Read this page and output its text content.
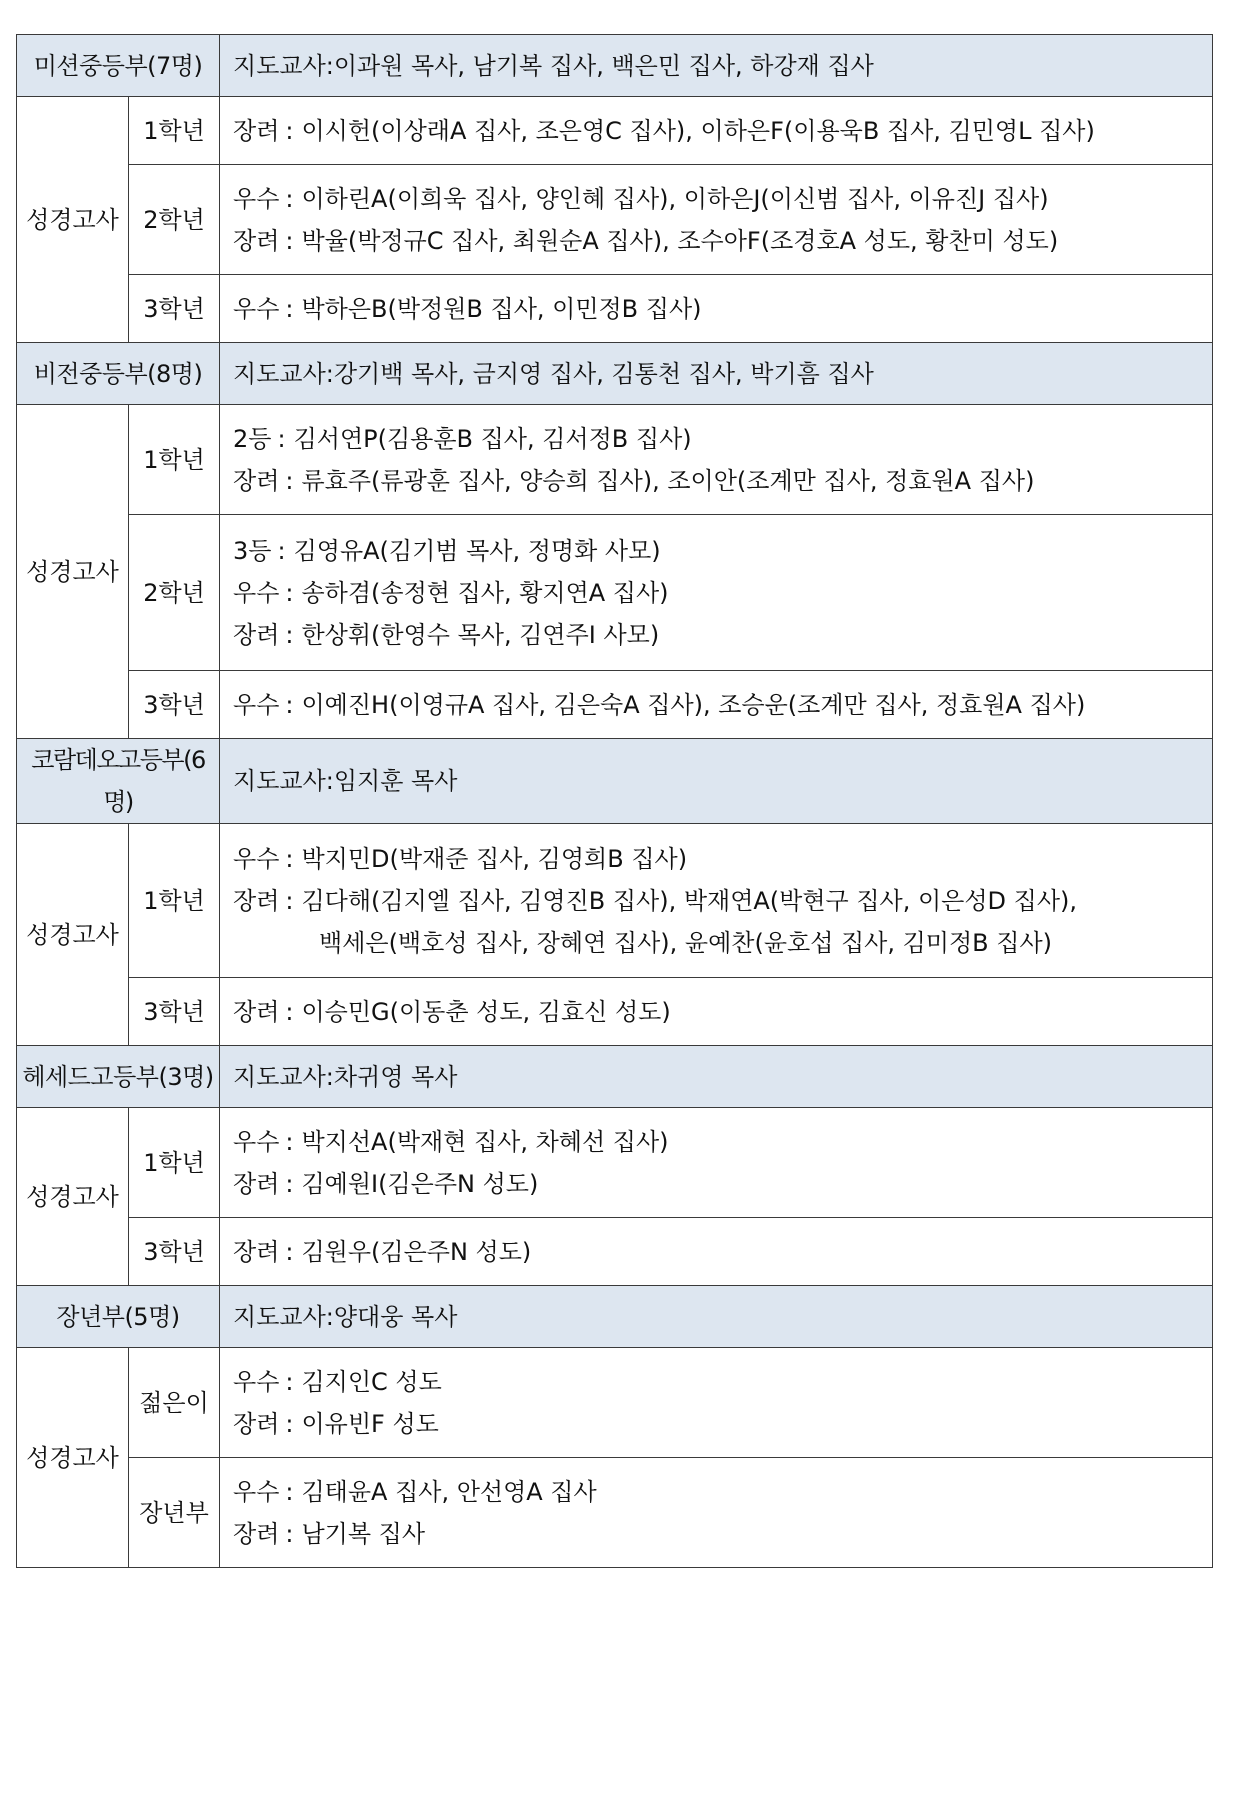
미션중등부(7명)		지도교사:이과원 목사, 남기복 집사, 백은민 집사, 하강재 집사
성경고사	1학년	장려 : 이시헌(이상래A 집사, 조은영C 집사), 이하은F(이용욱B 집사, 김민영L 집사)

	2학년	우수 : 이하린A(이희욱 집사, 양인혜 집사), 이하은J(이신범 집사, 이유진J 집사)
장려 : 박율(박정규C 집사, 최원순A 집사), 조수아F(조경호A 성도, 황찬미 성도)

	3학년	우수 : 박하은B(박정원B 집사, 이민정B 집사)

비전중등부(8명)		지도교사:강기백 목사, 금지영 집사, 김통천 집사, 박기흠 집사
성경고사	1학년	2등 : 김서연P(김용훈B 집사, 김서정B 집사)
장려 : 류효주(류광훈 집사, 양승희 집사), 조이안(조계만 집사, 정효원A 집사)

	2학년	3등 : 김영유A(김기범 목사, 정명화 사모)
우수 : 송하겸(송정현 집사, 황지연A 집사)
장려 : 한상휘(한영수 목사, 김연주I 사모)

	3학년	우수 : 이예진H(이영규A 집사, 김은숙A 집사), 조승운(조계만 집사, 정효원A 집사)

코람데오고등부(6명)		지도교사:임지훈 목사
성경고사	1학년	우수 : 박지민D(박재준 집사, 김영희B 집사)
장려 : 김다해(김지엘 집사, 김영진B 집사), 박재연A(박현구 집사, 이은성D 집사),
백세은(백호성 집사, 장혜연 집사), 윤예찬(윤호섭 집사, 김미정B 집사)

	3학년	장려 : 이승민G(이동춘 성도, 김효신 성도)

헤세드고등부(3명)		지도교사:차귀영 목사
성경고사	1학년	우수 : 박지선A(박재현 집사, 차혜선 집사)
장려 : 김예원I(김은주N 성도)

	3학년	장려 : 김원우(김은주N 성도)

장년부(5명)		지도교사:양대웅 목사
성경고사	젊은이	우수 : 김지인C 성도
장려 : 이유빈F 성도

	장년부	우수 : 김태윤A 집사, 안선영A 집사
장려 : 남기복 집사
